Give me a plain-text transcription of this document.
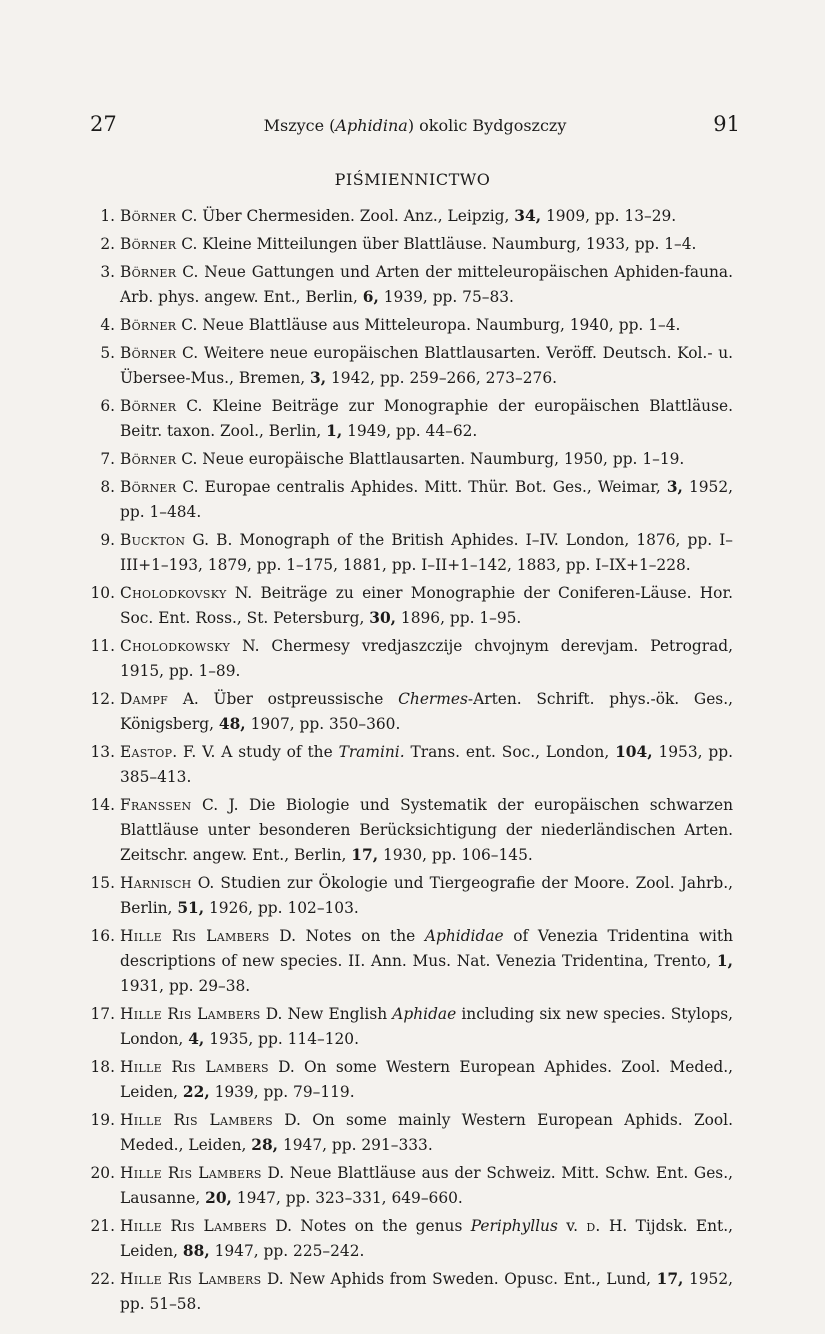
27	Mszyce (Aphidina) okolic Bydgoszczy	91
PIŚMIENNICTWO
1. Börner C. Über Chermesiden. Zool. Anz., Leipzig, 34, 1909, pp. 13–29.
2. Börner C. Kleine Mitteilungen über Blattläuse. Naumburg, 1933, pp. 1–4.
3. Börner C. Neue Gattungen und Arten der mitteleuropäischen Aphiden-fauna. Arb. phys. angew. Ent., Berlin, 6, 1939, pp. 75–83.
4. Börner C. Neue Blattläuse aus Mitteleuropa. Naumburg, 1940, pp. 1–4.
5. Börner C. Weitere neue europäischen Blattlausarten. Veröff. Deutsch. Kol.- u. Übersee-Mus., Bremen, 3, 1942, pp. 259–266, 273–276.
6. Börner C. Kleine Beiträge zur Monographie der europäischen Blattläuse. Beitr. taxon. Zool., Berlin, 1, 1949, pp. 44–62.
7. Börner C. Neue europäische Blattlausarten. Naumburg, 1950, pp. 1–19.
8. Börner C. Europae centralis Aphides. Mitt. Thür. Bot. Ges., Weimar, 3, 1952, pp. 1–484.
9. Buckton G. B. Monograph of the British Aphides. I–IV. London, 1876, pp. I–III+1–193, 1879, pp. 1–175, 1881, pp. I–II+1–142, 1883, pp. I–IX+1–228.
10. Cholodkovsky N. Beiträge zu einer Monographie der Coniferen-Läuse. Hor. Soc. Ent. Ross., St. Petersburg, 30, 1896, pp. 1–95.
11. Cholodkowsky N. Chermesy vredjaszczije chvojnym derevjam. Petrograd, 1915, pp. 1–89.
12. Dampf A. Über ostpreussische Chermes-Arten. Schrift. phys.-ök. Ges., Königsberg, 48, 1907, pp. 350–360.
13. Eastop. F. V. A study of the Tramini. Trans. ent. Soc., London, 104, 1953, pp. 385–413.
14. Franssen C. J. Die Biologie und Systematik der europäischen schwarzen Blattläuse unter besonderen Berücksichtigung der niederländischen Arten. Zeitschr. angew. Ent., Berlin, 17, 1930, pp. 106–145.
15. Harnisch O. Studien zur Ökologie und Tiergeografie der Moore. Zool. Jahrb., Berlin, 51, 1926, pp. 102–103.
16. Hille Ris Lambers D. Notes on the Aphididae of Venezia Tridentina with descriptions of new species. II. Ann. Mus. Nat. Venezia Tridentina, Trento, 1, 1931, pp. 29–38.
17. Hille Ris Lambers D. New English Aphidae including six new species. Stylops, London, 4, 1935, pp. 114–120.
18. Hille Ris Lambers D. On some Western European Aphides. Zool. Meded., Leiden, 22, 1939, pp. 79–119.
19. Hille Ris Lambers D. On some mainly Western European Aphids. Zool. Meded., Leiden, 28, 1947, pp. 291–333.
20. Hille Ris Lambers D. Neue Blattläuse aus der Schweiz. Mitt. Schw. Ent. Ges., Lausanne, 20, 1947, pp. 323–331, 649–660.
21. Hille Ris Lambers D. Notes on the genus Periphyllus v. d. H. Tijdsk. Ent., Leiden, 88, 1947, pp. 225–242.
22. Hille Ris Lambers D. New Aphids from Sweden. Opusc. Ent., Lund, 17, 1952, pp. 51–58.
